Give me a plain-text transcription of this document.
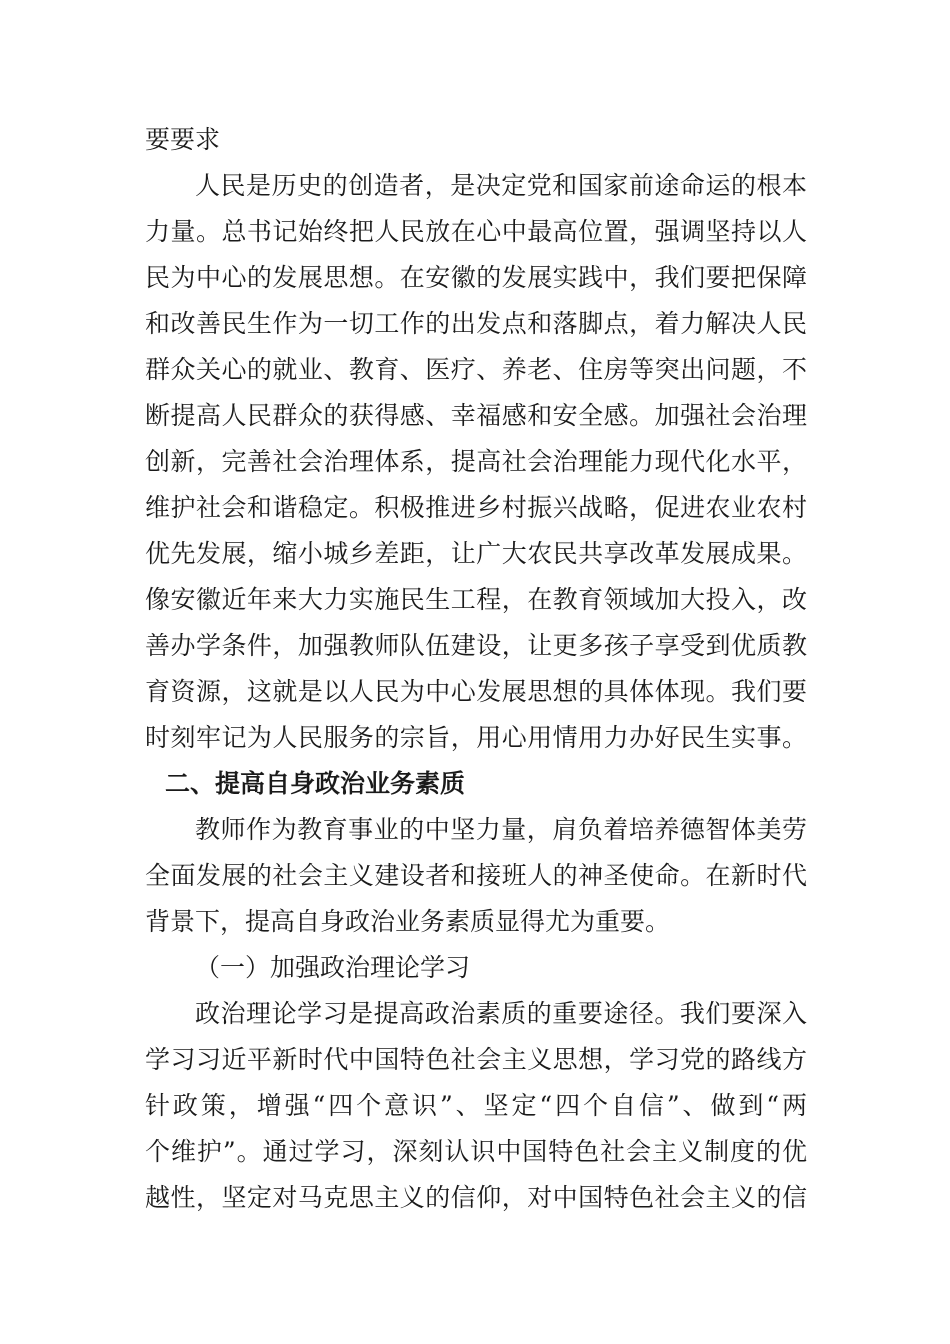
要要求
人民是历史的创造者，是决定党和国家前途命运的根本
力量。总书记始终把人民放在心中最高位置，强调坚持以人
民为中心的发展思想。在安徽的发展实践中，我们要把保障
和改善民生作为一切工作的出发点和落脚点，着力解决人民
群众关心的就业、教育、医疗、养老、住房等突出问题，不
断提高人民群众的获得感、幸福感和安全感。加强社会治理
创新，完善社会治理体系，提高社会治理能力现代化水平，
维护社会和谐稳定。积极推进乡村振兴战略，促进农业农村
优先发展，缩小城乡差距，让广大农民共享改革发展成果。
像安徽近年来大力实施民生工程，在教育领域加大投入，改
善办学条件，加强教师队伍建设，让更多孩子享受到优质教
育资源，这就是以人民为中心发展思想的具体体现。我们要
时刻牢记为人民服务的宗旨，用心用情用力办好民生实事。
二、提高自身政治业务素质
教师作为教育事业的中坚力量，肩负着培养德智体美劳
全面发展的社会主义建设者和接班人的神圣使命。在新时代
背景下，提高自身政治业务素质显得尤为重要。
（一）加强政治理论学习
政治理论学习是提高政治素质的重要途径。我们要深入
学习习近平新时代中国特色社会主义思想，学习党的路线方
针政策，增强“四个意识”、坚定“四个自信”、做到“两
个维护”。通过学习，深刻认识中国特色社会主义制度的优
越性，坚定对马克思主义的信仰，对中国特色社会主义的信
